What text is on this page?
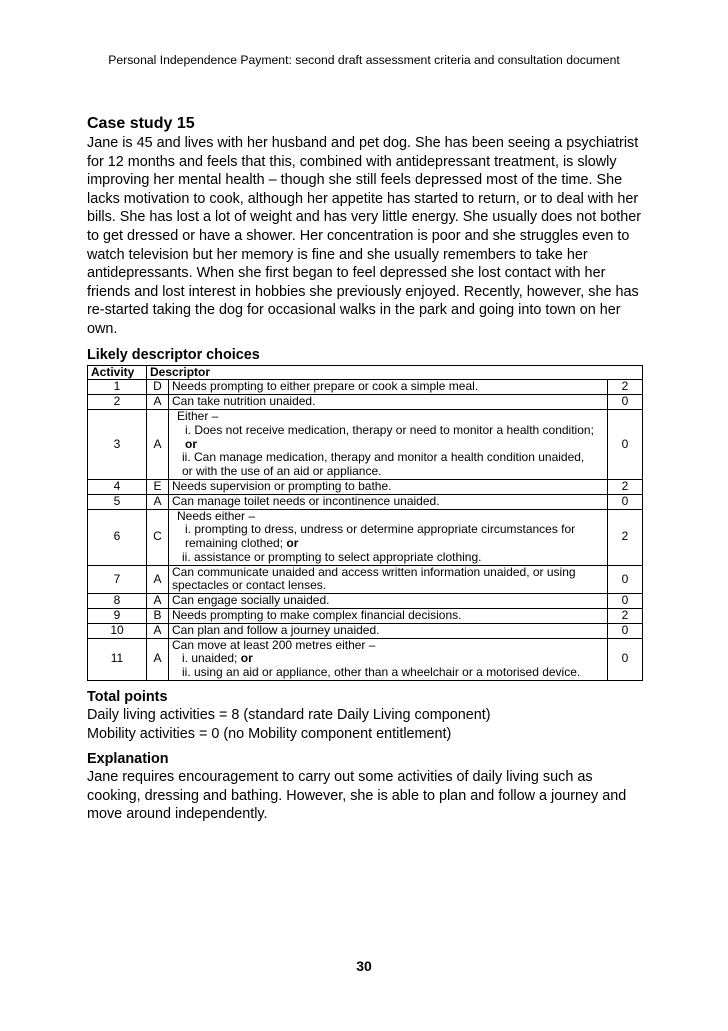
Personal Independence Payment: second draft assessment criteria and consultation document
Case study 15

Jane is 45 and lives with her husband and pet dog. She has been seeing a psychiatrist for 12 months and feels that this, combined with antidepressant treatment, is slowly improving her mental health – though she still feels depressed most of the time. She lacks motivation to cook, although her appetite has started to return, or to deal with her bills. She has lost a lot of weight and has very little energy. She usually does not bother to get dressed or have a shower. Her concentration is poor and she struggles even to watch television but her memory is fine and she usually remembers to take her antidepressants. When she first began to feel depressed she lost contact with her friends and lost interest in hobbies she previously enjoyed. Recently, however, she has re-started taking the dog for occasional walks in the park and going into town on her own.

Likely descriptor choices
Activity	Descriptor		
1	D	Needs prompting to either prepare or cook a simple meal.	2
2	A	Can take nutrition unaided.	0
3	A	Either –
i. Does not receive medication, therapy or need to monitor a health condition;
or
ii. Can manage medication, therapy and monitor a health condition unaided,
or with the use of an aid or appliance.	0
4	E	Needs supervision or prompting to bathe.	2
5	A	Can manage toilet needs or incontinence unaided.	0
6	C	Needs either –
i. prompting to dress, undress or determine appropriate circumstances for
remaining clothed; or
ii. assistance or prompting to select appropriate clothing.	2
7	A	Can communicate unaided and access written information unaided, or using
spectacles or contact lenses.	0
8	A	Can engage socially unaided.	0
9	B	Needs prompting to make complex financial decisions.	2
10	A	Can plan and follow a journey unaided.	0
11	A	Can move at least 200 metres either –
i. unaided; or
ii. using an aid or appliance, other than a wheelchair or a motorised device.	0
Total points
Daily living activities = 8 (standard rate Daily Living component)
Mobility activities = 0 (no Mobility component entitlement)
Explanation

Jane requires encouragement to carry out some activities of daily living such as cooking, dressing and bathing. However, she is able to plan and follow a journey and move around independently.

30
